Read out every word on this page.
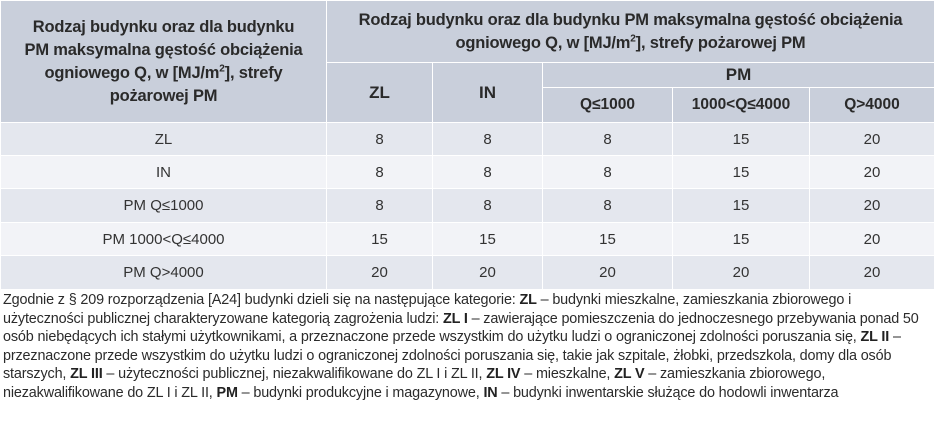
Rodzaj budynku oraz dla budynku
PM maksymalna gęstość obciążenia
ogniowego Q, w $[MJ/m^2]$, strefy
pożarowej PM	Rodzaj budynku oraz dla budynku PM maksymalna gęstość obciążenia
ogniowego Q, w $[MJ/m^2]$, strefy pożarowej PM				
	ZL	IN	PM		
			Q≤1000	1000<Q≤4000	Q>4000
ZL	8	8	8	15	20
IN	8	8	8	15	20
PM Q≤1000	8	8	8	15	20
PM 1000<Q≤4000	15	15	15	15	20
PM Q>4000	20	20	20	20	20
Zgodnie z § 209 rozporządzenia [A24] budynki dzieli się na następujące kategorie: ZL – budynki mieszkalne, zamieszkania zbiorowego i użyteczności publicznej charakteryzowane kategorią zagrożenia ludzi: ZL I – zawierające pomieszczenia do jednoczesnego przebywania ponad 50 osób niebędących ich stałymi użytkownikami, a przeznaczone przede wszystkim do użytku ludzi o ograniczonej zdolności poruszania się, ZL II – przeznaczone przede wszystkim do użytku ludzi o ograniczonej zdolności poruszania się, takie jak szpitale, żłobki, przedszkola, domy dla osób starszych, ZL III – użyteczności publicznej, niezakwalifikowane do ZL I i ZL II, ZL IV – mieszkalne, ZL V – zamieszkania zbiorowego, niezakwalifikowane do ZL I i ZL II, PM – budynki produkcyjne i magazynowe, IN – budynki inwentarskie służące do hodowli inwentarza
